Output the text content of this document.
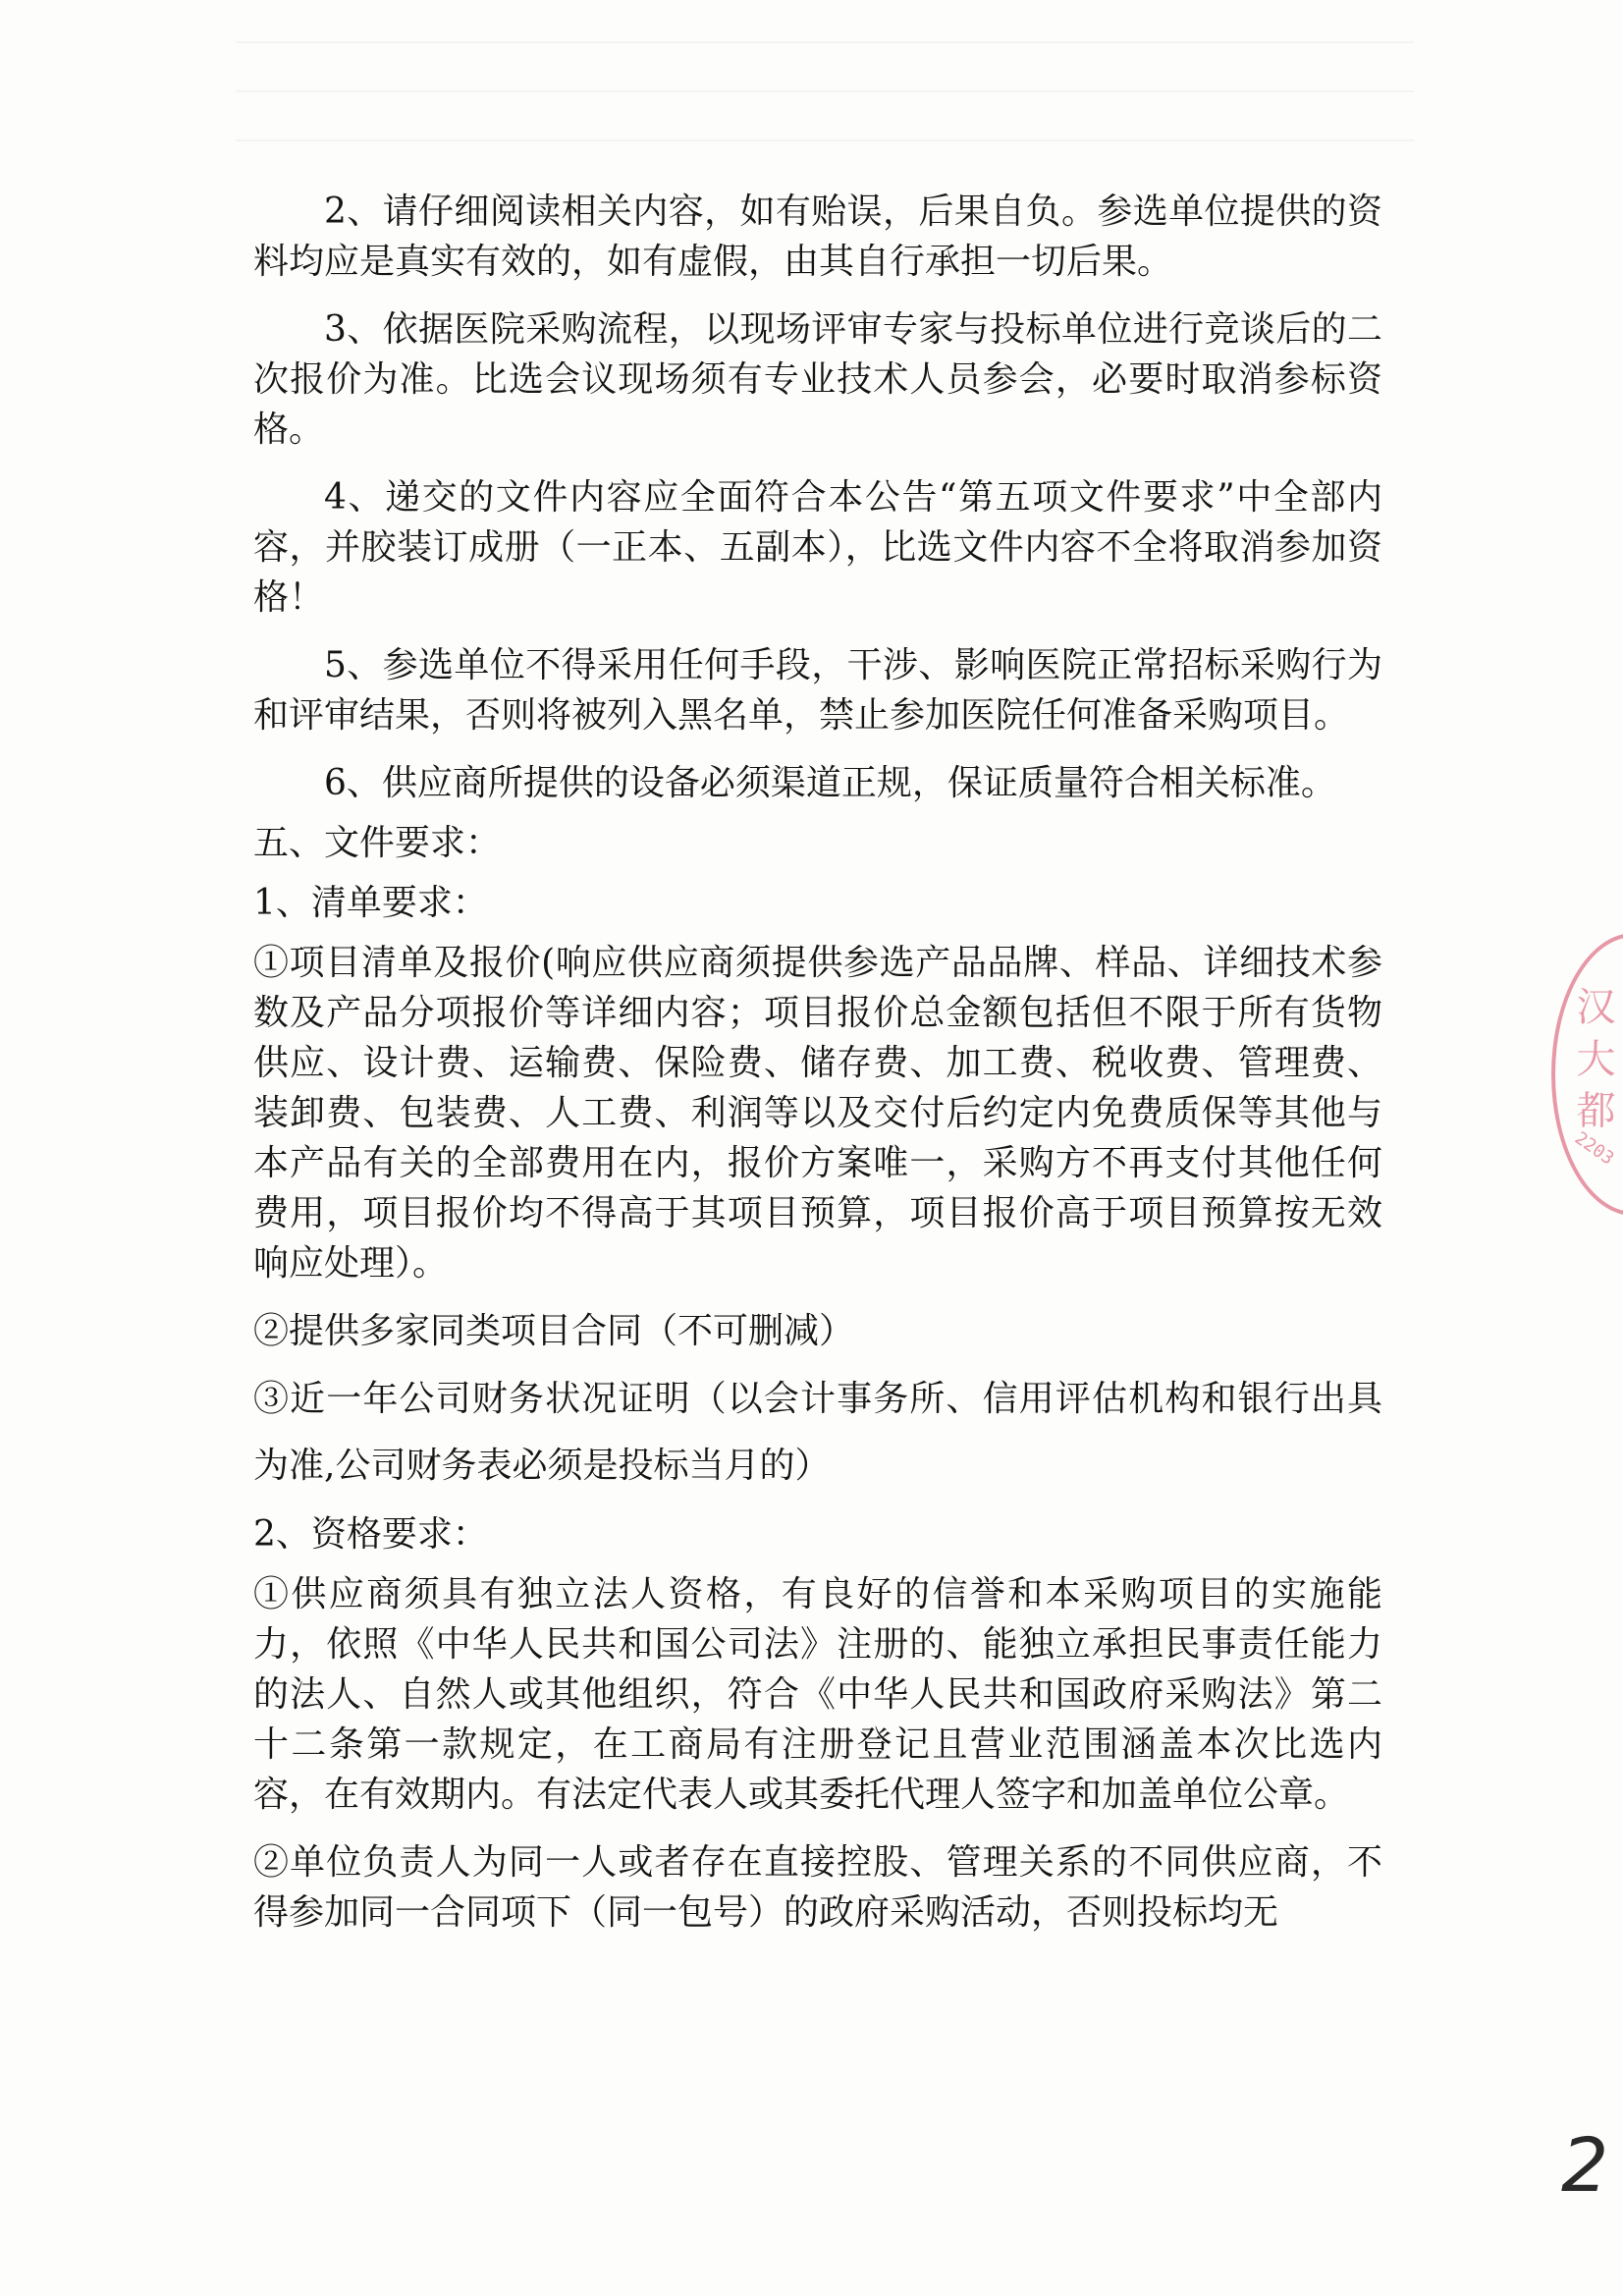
2、请仔细阅读相关内容，如有贻误，后果自负。参选单位提供的资料均应是真实有效的，如有虚假，由其自行承担一切后果。

3、依据医院采购流程，以现场评审专家与投标单位进行竞谈后的二次报价为准。比选会议现场须有专业技术人员参会，必要时取消参标资格。

4、递交的文件内容应全面符合本公告“第五项文件要求”中全部内容，并胶装订成册（一正本、五副本），比选文件内容不全将取消参加资格！

5、参选单位不得采用任何手段，干涉、影响医院正常招标采购行为和评审结果，否则将被列入黑名单，禁止参加医院任何准备采购项目。

6、供应商所提供的设备必须渠道正规，保证质量符合相关标准。

五、文件要求：

1、清单要求：

①项目清单及报价(响应供应商须提供参选产品品牌、样品、详细技术参数及产品分项报价等详细内容；项目报价总金额包括但不限于所有货物供应、设计费、运输费、保险费、储存费、加工费、税收费、管理费、装卸费、包装费、人工费、利润等以及交付后约定内免费质保等其他与本产品有关的全部费用在内，报价方案唯一，采购方不再支付其他任何费用，项目报价均不得高于其项目预算，项目报价高于项目预算按无效响应处理）。

②提供多家同类项目合同（不可删减）

③近一年公司财务状况证明（以会计事务所、信用评估机构和银行出具为准,公司财务表必须是投标当月的）

2、资格要求：

①供应商须具有独立法人资格，有良好的信誉和本采购项目的实施能力，依照《中华人民共和国公司法》注册的、能独立承担民事责任能力的法人、自然人或其他组织，符合《中华人民共和国政府采购法》第二十二条第一款规定，在工商局有注册登记且营业范围涵盖本次比选内容，在有效期内。有法定代表人或其委托代理人签字和加盖单位公章。

②单位负责人为同一人或者存在直接控股、管理关系的不同供应商，不得参加同一合同项下（同一包号）的政府采购活动，否则投标均无

汉 大 都
2203
2
